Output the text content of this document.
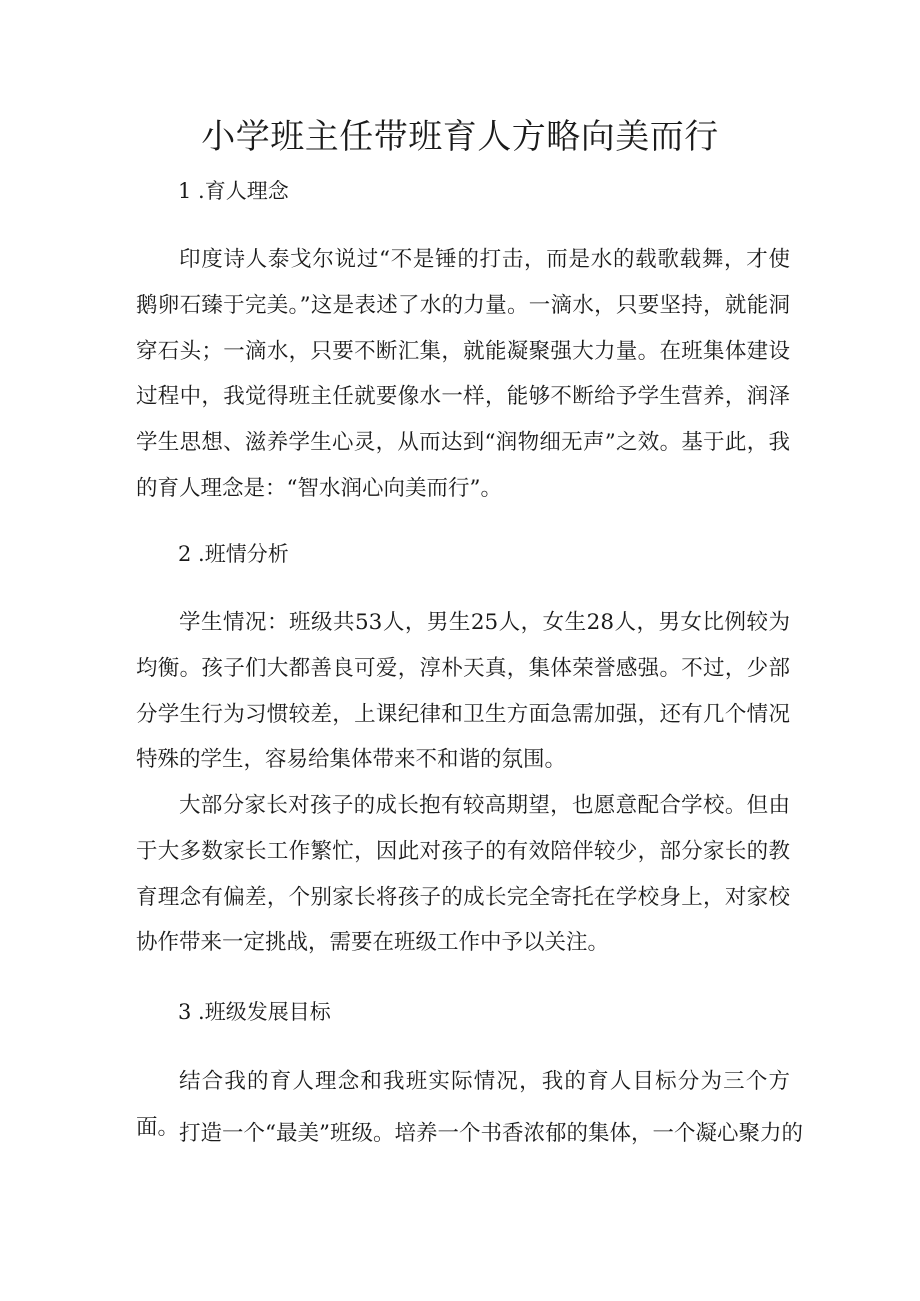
小学班主任带班育人方略向美而行
1 .育人理念

印度诗人泰戈尔说过“不是锤的打击，而是水的载歌载舞，才使鹅卵石臻于完美。”这是表述了水的力量。一滴水，只要坚持，就能洞穿石头；一滴水，只要不断汇集，就能凝聚强大力量。在班集体建设过程中，我觉得班主任就要像水一样，能够不断给予学生营养，润泽学生思想、滋养学生心灵，从而达到“润物细无声”之效。基于此，我的育人理念是：“智水润心向美而行”。

2 .班情分析

学生情况：班级共53人，男生25人，女生28人，男女比例较为均衡。孩子们大都善良可爱，淳朴天真，集体荣誉感强。不过，少部分学生行为习惯较差，上课纪律和卫生方面急需加强，还有几个情况特殊的学生，容易给集体带来不和谐的氛围。

大部分家长对孩子的成长抱有较高期望，也愿意配合学校。但由于大多数家长工作繁忙，因此对孩子的有效陪伴较少，部分家长的教育理念有偏差，个别家长将孩子的成长完全寄托在学校身上，对家校协作带来一定挑战，需要在班级工作中予以关注。

3 .班级发展目标

结合我的育人理念和我班实际情况，我的育人目标分为三个方面。 打造一个“最美”班级。培养一个书香浓郁的集体，一个凝心聚力的
